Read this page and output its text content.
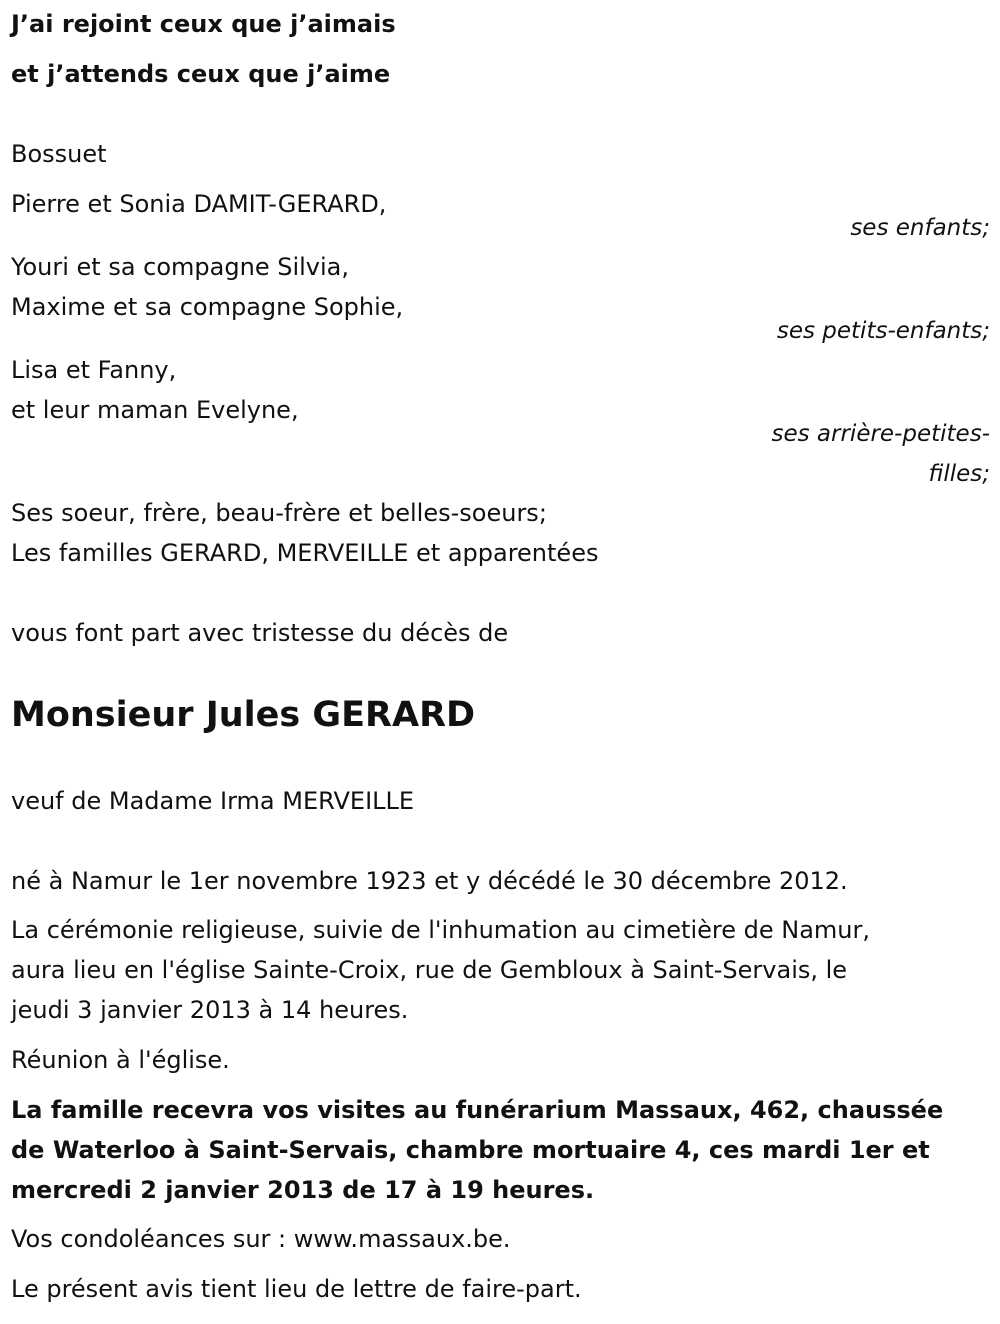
J’ai rejoint ceux que j’aimais
et j’attends ceux que j’aime
Bossuet
Pierre et Sonia DAMIT-GERARD,
ses enfants;
Youri et sa compagne Silvia,
Maxime et sa compagne Sophie,
ses petits-enfants;
Lisa et Fanny,
et leur maman Evelyne,
ses arrière-petites-
filles;
Ses soeur, frère, beau-frère et belles-soeurs;
Les familles GERARD, MERVEILLE et apparentées
vous font part avec tristesse du décès de
Monsieur Jules GERARD
veuf de Madame Irma MERVEILLE
né à Namur le 1er novembre 1923 et y décédé le 30 décembre 2012.
La cérémonie religieuse, suivie de l'inhumation au cimetière de Namur,
aura lieu en l'église Sainte-Croix, rue de Gembloux à Saint-Servais, le
jeudi 3 janvier 2013 à 14 heures.
Réunion à l'église.
La famille recevra vos visites au funérarium Massaux, 462, chaussée
de Waterloo à Saint-Servais, chambre mortuaire 4, ces mardi 1er et
mercredi 2 janvier 2013 de 17 à 19 heures.
Vos condoléances sur : www.massaux.be.
Le présent avis tient lieu de lettre de faire-part.
